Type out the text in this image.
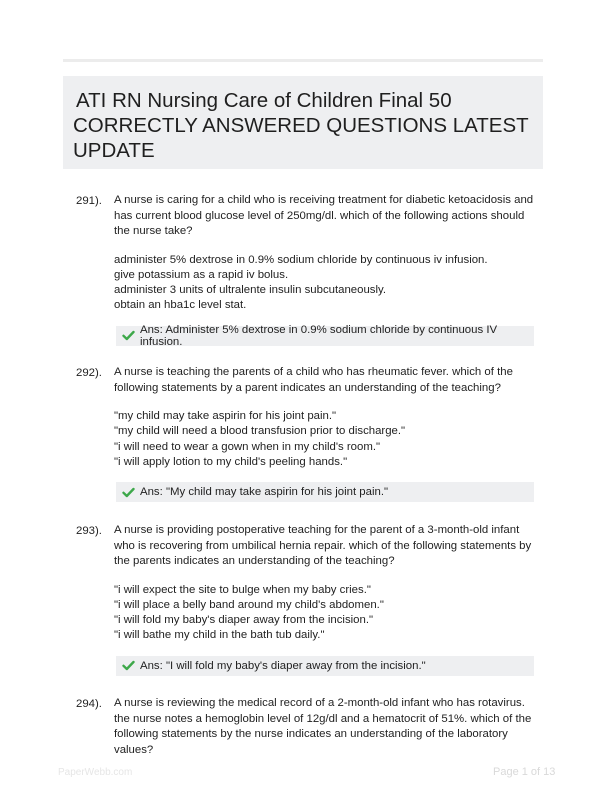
ATI RN Nursing Care of Children Final 50
CORRECTLY ANSWERED QUESTIONS LATEST
UPDATE
291). A nurse is caring for a child who is receiving treatment for diabetic ketoacidosis and has current blood glucose level of 250mg/dl. which of the following actions should the nurse take?

administer 5% dextrose in 0.9% sodium chloride by continuous iv infusion.
give potassium as a rapid iv bolus.
administer 3 units of ultralente insulin subcutaneously.
obtain an hba1c level stat.
Ans: Administer 5% dextrose in 0.9% sodium chloride by continuous IV infusion.
292). A nurse is teaching the parents of a child who has rheumatic fever. which of the following statements by a parent indicates an understanding of the teaching?

"my child may take aspirin for his joint pain."
"my child will need a blood transfusion prior to discharge."
"i will need to wear a gown when in my child's room."
"i will apply lotion to my child's peeling hands."
Ans: "My child may take aspirin for his joint pain."
293). A nurse is providing postoperative teaching for the parent of a 3-month-old infant who is recovering from umbilical hernia repair. which of the following statements by the parents indicates an understanding of the teaching?

"i will expect the site to bulge when my baby cries."
"i will place a belly band around my child's abdomen."
"i will fold my baby's diaper away from the incision."
"i will bathe my child in the bath tub daily."
Ans: "I will fold my baby's diaper away from the incision."
294). A nurse is reviewing the medical record of a 2-month-old infant who has rotavirus. the nurse notes a hemoglobin level of 12g/dl and a hematocrit of 51%. which of the following statements by the nurse indicates an understanding of the laboratory values?

PaperWebb.com	Page 1 of 13
